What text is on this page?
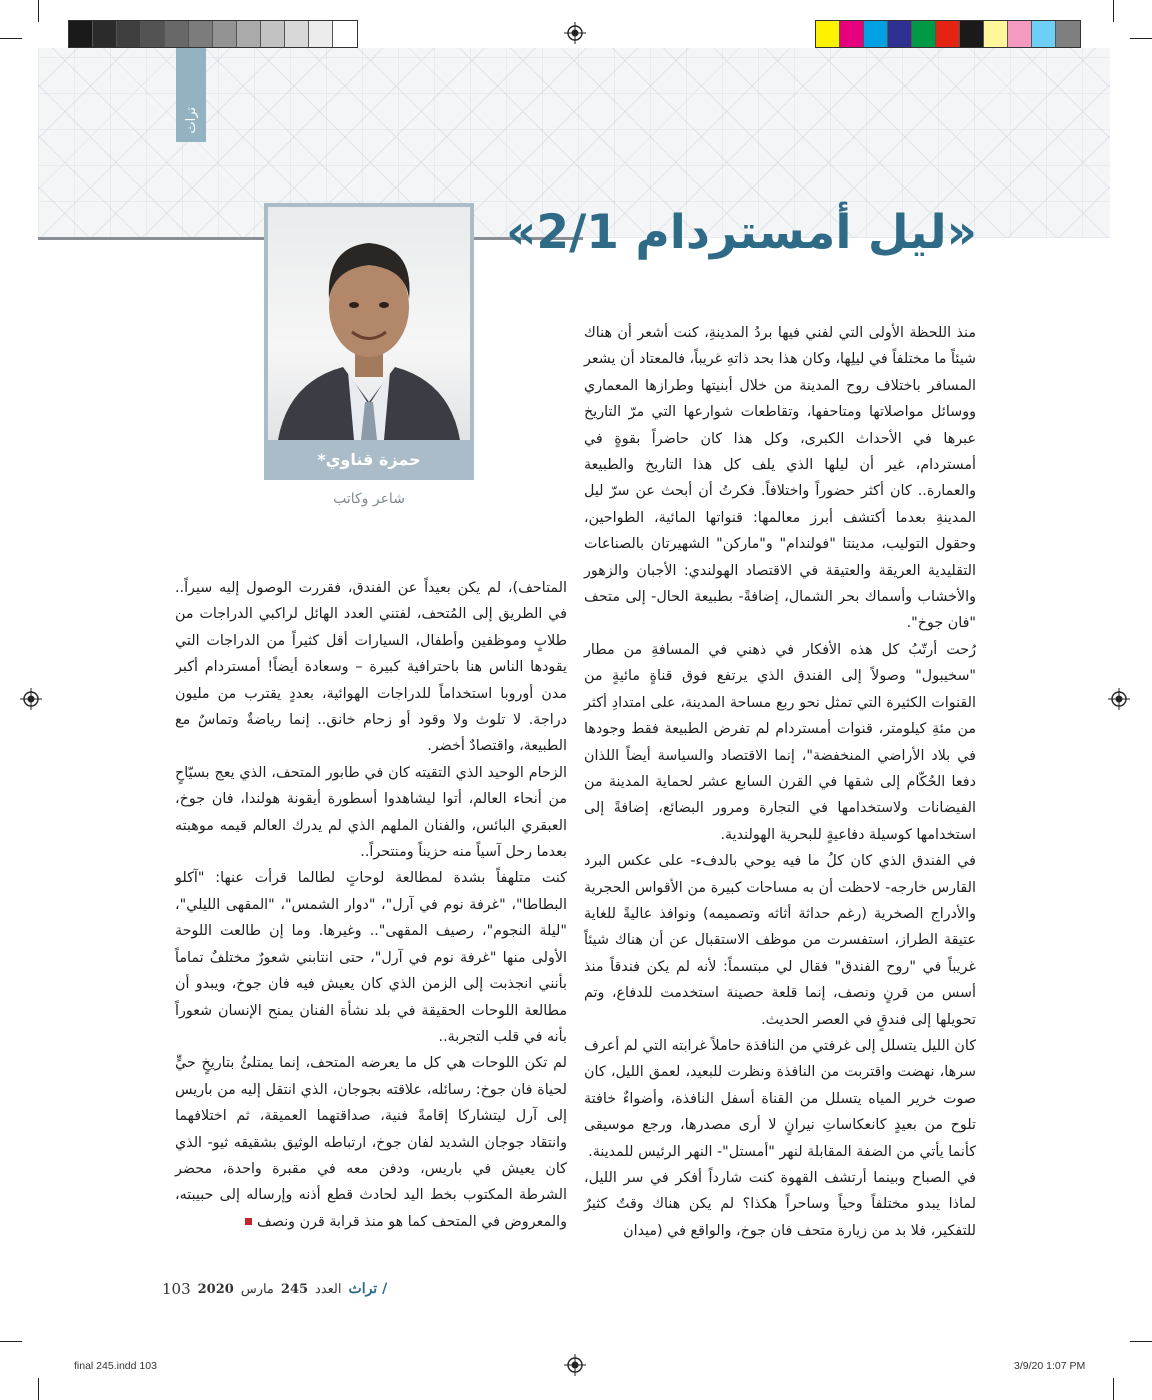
تراث
«ليل أمستردام 2/1»
حمزة قناوي*
شاعر وكاتب

منذ اللحظة الأولى التي لفني فيها بردُ المدينةِ، كنت أشعر أن هناك شيئاً ما مختلفاً في ليلِها، وكان هذا بحد ذاتهِ غريباً، فالمعتاد أن يشعر المسافر باختلاف روح المدينة من خلال أبنيتها وطرازها المعماري ووسائل مواصلاتها ومتاحفها، وتقاطعات شوارعها التي مرّ التاريخ عبرها في الأحداث الكبرى، وكل هذا كان حاضراً بقوةٍ في أمستردام، غير أن ليلها الذي يلف كل هذا التاريخ والطبيعة والعمارة.. كان أكثر حضوراً واختلافاً. فكرتُ أن أبحث عن سرّ ليل المدينةِ بعدما أكتشف أبرز معالمها: قنواتها المائية، الطواحين، وحقول التوليب، مدينتا "فولندام" و"ماركن" الشهيرتان بالصناعات التقليدية العريقة والعتيقة في الاقتصاد الهولندي: الأجبان والزهور والأخشاب وأسماك بحر الشمال، إضافةً- بطبيعة الحال- إلى متحف "فان جوخ".

رُحت أرتّبُ كل هذه الأفكار في ذهني في المسافةِ من مطار "سخيبول" وصولاً إلى الفندق الذي يرتفع فوق قناةٍ مائيةٍ من القنوات الكثيرة التي تمثل نحو ربع مساحة المدينة، على امتدادِ أكثر من مئةِ كيلومتر، قنوات أمستردام لم تفرض الطبيعة فقط وجودها في بلاد الأراضي المنخفضة"، إنما الاقتصاد والسياسة أيضاً اللذان دفعا الحُكّام إلى شقها في القرن السابع عشر لحماية المدينة من الفيضانات ولاستخدامها في التجارة ومرور البضائع، إضافةً إلى استخدامها كوسيلة دفاعيةٍ للبحرية الهولندية.

في الفندق الذي كان كلُ ما فيه يوحي بالدفء- على عكس البرد القارس خارجه- لاحظت أن به مساحات كبيرة من الأقواس الحجرية والأدراج الصخرية (رغم حداثة أثاثه وتصميمه) ونوافذ عاليةً للغاية عتيقة الطراز، استفسرت من موظف الاستقبال عن أن هناك شيئاً غريباً في "روح الفندق" فقال لي مبتسماً: لأنه لم يكن فندقاً منذ أسس من قرنٍ ونصف، إنما قلعة حصينة استخدمت للدفاع، وتم تحويلها إلى فندقٍ في العصر الحديث.

كان الليل يتسلل إلى غرفتي من النافذة حاملاً غرابته التي لم أعرف سرها، نهضت واقتربت من النافذة ونظرت للبعيد، لعمق الليل، كان صوت خرير المياه يتسلل من القناة أسفل النافذة، وأضواءٌ خافتة تلوح من بعيدٍ كانعكاساتِ نيرانٍ لا أرى مصدرها، ورجع موسيقى كأنما يأتي من الضفة المقابلة لنهر "أمستل"- النهر الرئيس للمدينة.

في الصباح وبينما أرتشف القهوة كنت شارداً أفكر في سر الليل، لماذا يبدو مختلفاً وحياً وساحراً هكذا؟ لم يكن هناك وقتٌ كثيرٌ للتفكير، فلا بد من زيارة متحف فان جوخ، والواقع في (ميدان

المتاحف)، لم يكن بعيداً عن الفندق، فقررت الوصول إليه سيراً.. في الطريق إلى المُتحف، لفتني العدد الهائل لراكبي الدراجات من طلابٍ وموظفين وأطفال، السيارات أقل كثيراً من الدراجات التي يقودها الناس هنا باحترافية كبيرة – وسعادة أيضاً! أمستردام أكبر مدن أوروبا استخداماً للدراجات الهوائية، بعددٍ يقترب من مليون دراجة. لا تلوث ولا وقود أو زحام خانق.. إنما رياضةٌ وتماسٌ مع الطبيعة، واقتصادٌ أخضر.

الزحام الوحيد الذي التقيته كان في طابور المتحف، الذي يعج بسيّاحٍ من أنحاء العالم، أتوا ليشاهدوا أسطورة أيقونة هولندا، فان جوخ، العبقري البائس، والفنان الملهم الذي لم يدرك العالم قيمه موهبته بعدما رحل آسياً منه حزيناً ومنتحراً..

كنت متلهفاً بشدة لمطالعة لوحاتٍ لطالما قرأت عنها: "آكلو البطاطا"، "غرفة نوم في آرل"، "دوار الشمس"، "المقهى الليلي"، "ليلة النجوم"، رصيف المقهى".. وغيرها. وما إن طالعت اللوحة الأولى منها "غرفة نوم في آرل"، حتى انتابني شعورٌ مختلفٌ تماماً بأنني انجذبت إلى الزمن الذي كان يعيش فيه فان جوخ، ويبدو أن مطالعة اللوحات الحقيقة في بلد نشأة الفنان يمنح الإنسان شعوراً بأنه في قلب التجربة..

لم تكن اللوحات هي كل ما يعرضه المتحف، إنما يمتلئُ بتاريخٍ حيٍّ لحياة فان جوخ: رسائله، علاقته بجوجان، الذي انتقل إليه من باريس إلى آرل ليتشاركا إقامةً فنية، صداقتهما العميقة، ثم اختلافهما وانتقاد جوجان الشديد لفان جوخ، ارتباطه الوثيق بشقيقه ثيو- الذي كان يعيش في باريس، ودفن معه في مقبرة واحدة، محضر الشرطة المكتوب بخط اليد لحادث قطع أذنه وإرساله إلى حبيبته، والمعروض في المتحف كما هو منذ قرابة قرن ونصف

103 2020 مارس 245 العدد تراث /
final 245.indd 103	3/9/20 1:07 PM
